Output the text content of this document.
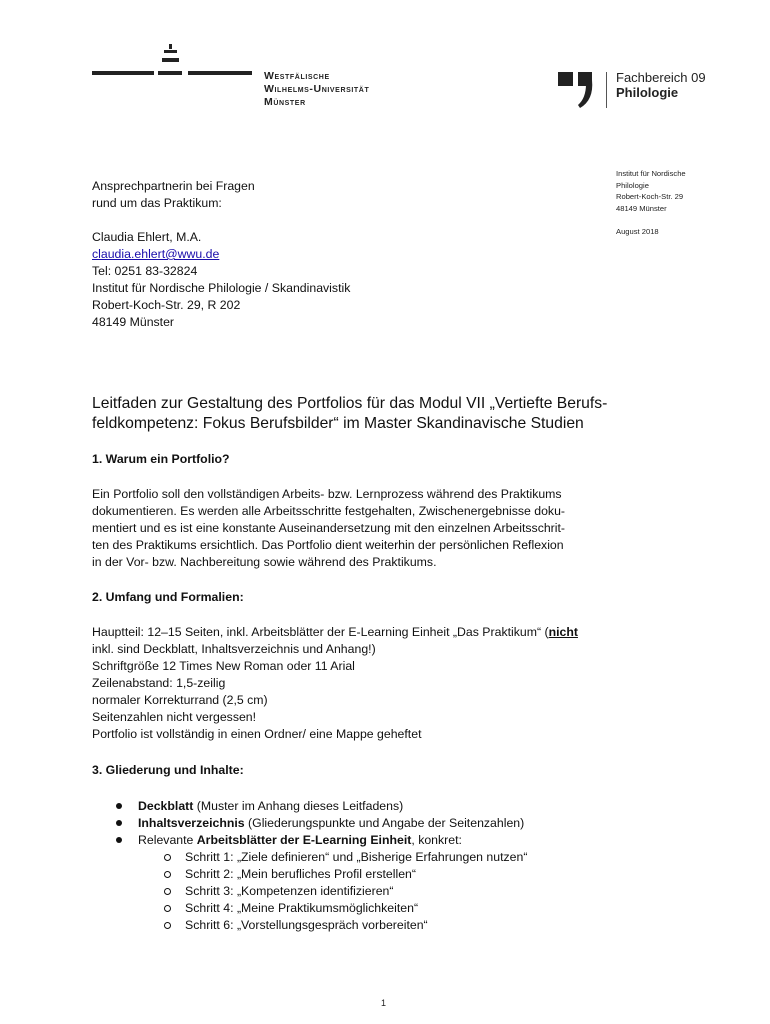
Westfälische
Wilhelms-Universität
Münster
Fachbereich 09
Philologie
Institut für Nordische
Philologie
Robert-Koch-Str. 29
48149 Münster
August 2018
Ansprechpartnerin bei Fragen
rund um das Praktikum:
Claudia Ehlert, M.A.
claudia.ehlert@wwu.de
Tel: 0251 83-32824
Institut für Nordische Philologie / Skandinavistik
Robert-Koch-Str. 29, R 202
48149 Münster
Leitfaden zur Gestaltung des Portfolios für das Modul VII „Vertiefte Berufs-
feldkompetenz: Fokus Berufsbilder“ im Master Skandinavische Studien
1. Warum ein Portfolio?
Ein Portfolio soll den vollständigen Arbeits- bzw. Lernprozess während des Praktikums
dokumentieren. Es werden alle Arbeitsschritte festgehalten, Zwischenergebnisse doku-
mentiert und es ist eine konstante Auseinandersetzung mit den einzelnen Arbeitsschrit-
ten des Praktikums ersichtlich. Das Portfolio dient weiterhin der persönlichen Reflexion
in der Vor- bzw. Nachbereitung sowie während des Praktikums.
2. Umfang und Formalien:
Hauptteil: 12–15 Seiten, inkl. Arbeitsblätter der E-Learning Einheit „Das Praktikum“ (nicht
inkl. sind Deckblatt, Inhaltsverzeichnis und Anhang!)
Schriftgröße 12 Times New Roman oder 11 Arial
Zeilenabstand: 1,5-zeilig
normaler Korrekturrand (2,5 cm)
Seitenzahlen nicht vergessen!
Portfolio ist vollständig in einen Ordner/ eine Mappe geheftet
3. Gliederung und Inhalte:
Deckblatt (Muster im Anhang dieses Leitfadens)
Inhaltsverzeichnis (Gliederungspunkte und Angabe der Seitenzahlen)
Relevante Arbeitsblätter der E-Learning Einheit, konkret:
Schritt 1: „Ziele definieren“ und „Bisherige Erfahrungen nutzen“
Schritt 2: „Mein berufliches Profil erstellen“
Schritt 3: „Kompetenzen identifizieren“
Schritt 4: „Meine Praktikumsmöglichkeiten“
Schritt 6: „Vorstellungsgespräch vorbereiten“
1
